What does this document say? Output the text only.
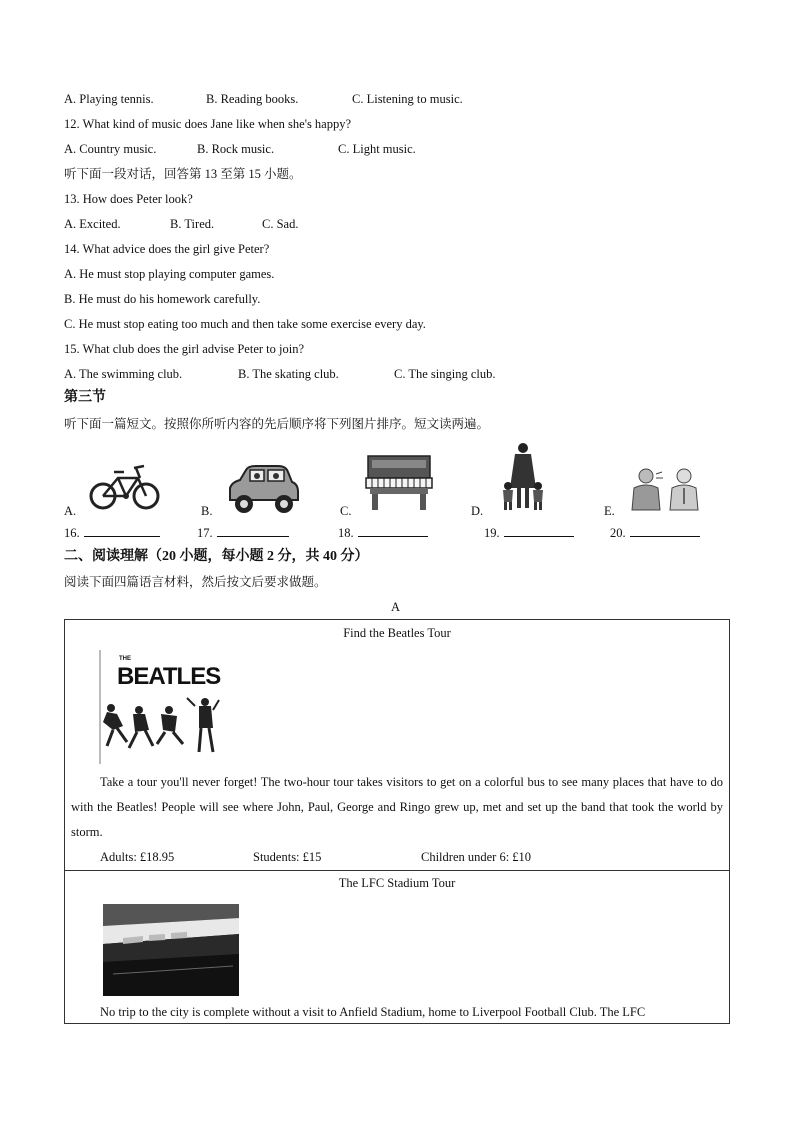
A. Playing tennis.	B. Reading books.	C. Listening to music.
12. What kind of music does Jane like when she's happy?
A. Country music.	B. Rock music.	C. Light music.
听下面一段对话，回答第 13 至第 15 小题。
13. How does Peter look?
A. Excited.	B. Tired.	C. Sad.
14. What advice does the girl give Peter?
A. He must stop playing computer games.
B. He must do his homework carefully.
C. He must stop eating too much and then take some exercise every day.
15. What club does the girl advise Peter to join?
A. The swimming club.	B. The skating club.	C. The singing club.
第三节
听下面一篇短文。按照你所听内容的先后顺序将下列图片排序。短文读两遍。
A.	B.	C.	D.	E.
16.	17.	18.	19.	20.
二、阅读理解（20 小题，每小题 2 分，共 40 分）
阅读下面四篇语言材料，然后按文后要求做题。
A
Find the Beatles Tour
THE
BEATLES
Take a tour you'll never forget! The two-hour tour takes visitors to get on a colorful bus to see many places that have to do with the Beatles! People will see where John, Paul, George and Ringo grew up, met and set up the band that took the world by storm.
Adults: £18.95	Students: £15	Children under 6: £10
The LFC Stadium Tour
No trip to the city is complete without a visit to Anfield Stadium, home to Liverpool Football Club. The LFC
